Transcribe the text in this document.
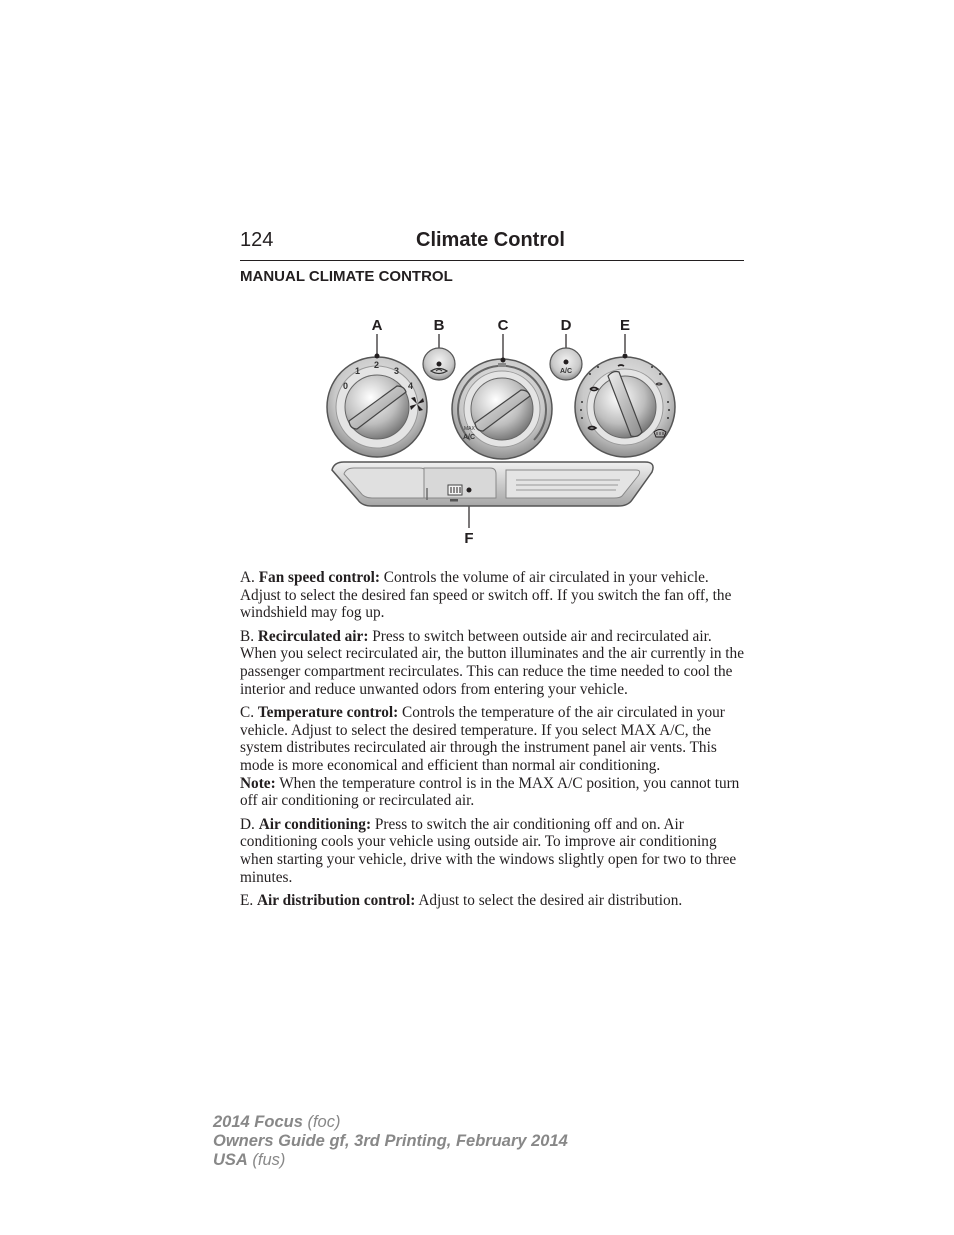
124	Climate Control
MANUAL CLIMATE CONTROL
A	B	C	D	E
F
0
1
2
3
4
MAX
A/C
A/C

A. Fan speed control: Controls the volume of air circulated in your vehicle. Adjust to select the desired fan speed or switch off. If you switch the fan off, the windshield may fog up.

B. Recirculated air: Press to switch between outside air and recirculated air. When you select recirculated air, the button illuminates and the air currently in the passenger compartment recirculates. This can reduce the time needed to cool the interior and reduce unwanted odors from entering your vehicle.

C. Temperature control: Controls the temperature of the air circulated in your vehicle. Adjust to select the desired temperature. If you select MAX A/C, the system distributes recirculated air through the instrument panel air vents. This mode is more economical and efficient than normal air conditioning.

Note: When the temperature control is in the MAX A/C position, you cannot turn off air conditioning or recirculated air.

D. Air conditioning: Press to switch the air conditioning off and on. Air conditioning cools your vehicle using outside air. To improve air conditioning when starting your vehicle, drive with the windows slightly open for two to three minutes.

E. Air distribution control: Adjust to select the desired air distribution.

2014 Focus (foc)
Owners Guide gf, 3rd Printing, February 2014
USA (fus)
